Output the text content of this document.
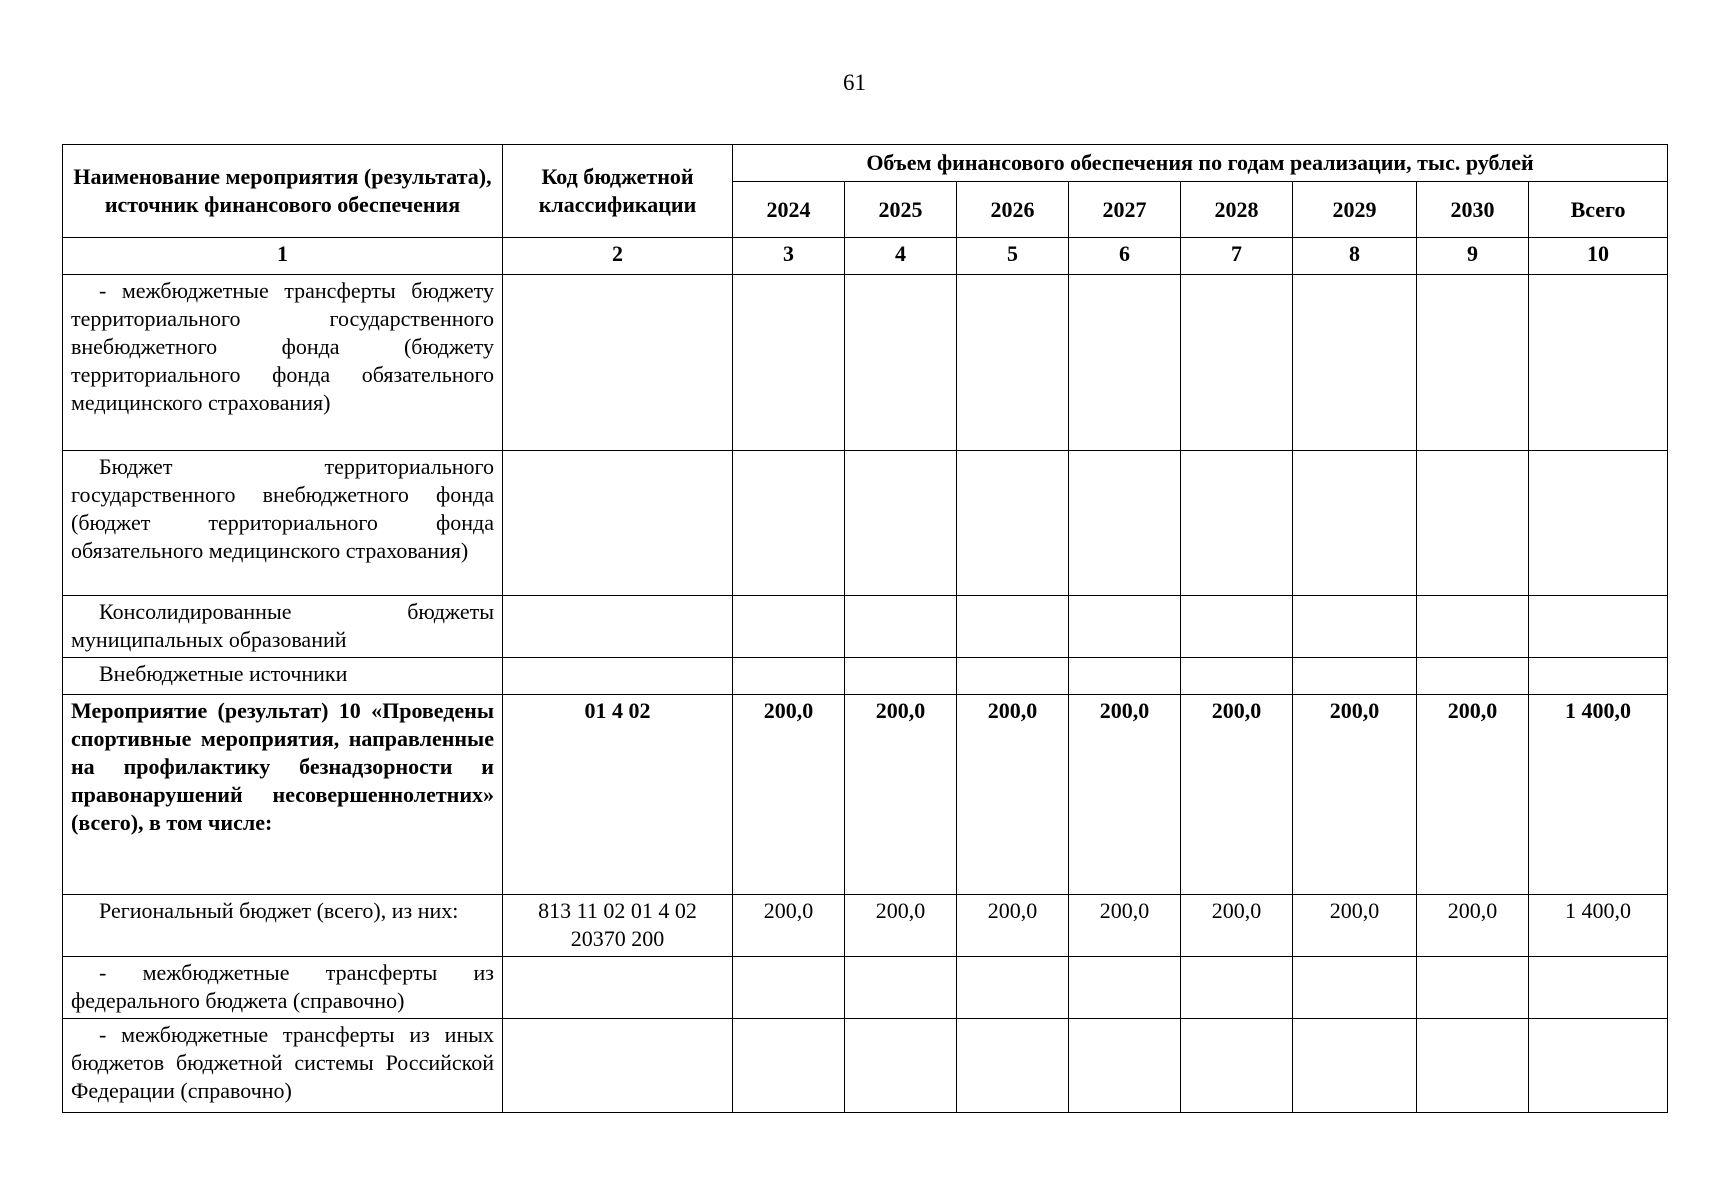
61
Наименование мероприятия (результата), источник финансового обеспечения	Код бюджетной классификации	Объем финансового обеспечения по годам реализации, тыс. рублей							
		2024	2025	2026	2027	2028	2029	2030	Всего
1	2	3	4	5	6	7	8	9	10
- межбюджетные трансферты бюджету территориального государственного внебюджетного фонда (бюджету территориального фонда обязательного медицинского страхования)									
Бюджет территориального государственного внебюджетного фонда (бюджет территориального фонда обязательного медицинского страхования)									
Консолидированные бюджеты муниципальных образований									
Внебюджетные источники									
Мероприятие (результат) 10 «Проведены спортивные мероприятия, направленные на профилактику безнадзорности и правонарушений несовершеннолетних» (всего), в том числе:	01 4 02	200,0	200,0	200,0	200,0	200,0	200,0	200,0	1 400,0
Региональный бюджет (всего), из них:	813 11 02 01 4 02 20370 200	200,0	200,0	200,0	200,0	200,0	200,0	200,0	1 400,0
- межбюджетные трансферты из федерального бюджета (справочно)									
- межбюджетные трансферты из иных бюджетов бюджетной системы Российской Федерации (справочно)									
